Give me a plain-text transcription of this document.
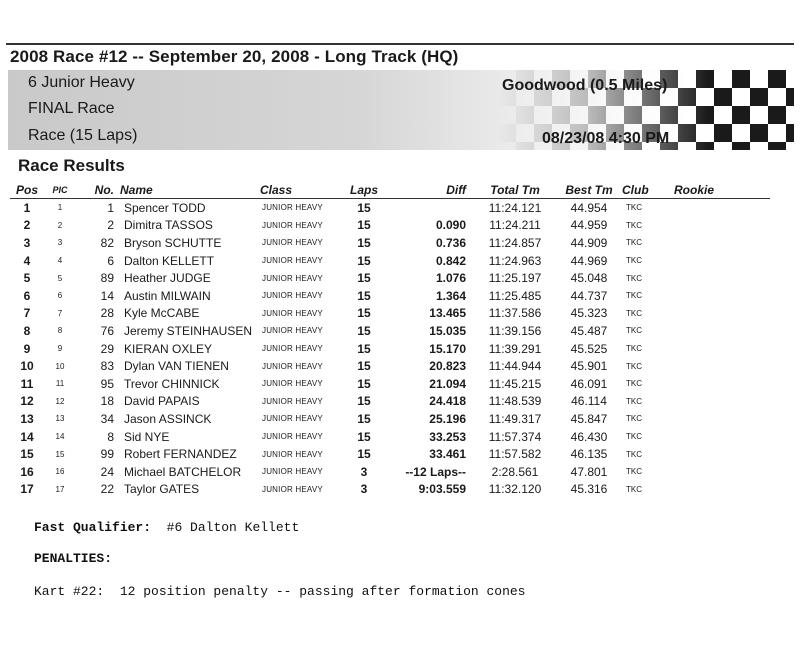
2008 Race #12 -- September 20, 2008 - Long Track (HQ)
6 Junior Heavy
FINAL Race
Race (15 Laps)
Goodwood (0.5 Miles)
08/23/08 4:30 PM
Race Results
Pos	PIC	No.	Name	Class	Laps	Diff	Total Tm	Best Tm	Club	Rookie
1	1	1	Spencer TODD	JUNIOR HEAVY	15		11:24.121	44.954	TKC	
2	2	2	Dimitra TASSOS	JUNIOR HEAVY	15	0.090	11:24.211	44.959	TKC	
3	3	82	Bryson SCHUTTE	JUNIOR HEAVY	15	0.736	11:24.857	44.909	TKC	
4	4	6	Dalton KELLETT	JUNIOR HEAVY	15	0.842	11:24.963	44.969	TKC	
5	5	89	Heather JUDGE	JUNIOR HEAVY	15	1.076	11:25.197	45.048	TKC	
6	6	14	Austin MILWAIN	JUNIOR HEAVY	15	1.364	11:25.485	44.737	TKC	
7	7	28	Kyle McCABE	JUNIOR HEAVY	15	13.465	11:37.586	45.323	TKC	
8	8	76	Jeremy STEINHAUSEN	JUNIOR HEAVY	15	15.035	11:39.156	45.487	TKC	
9	9	29	KIERAN OXLEY	JUNIOR HEAVY	15	15.170	11:39.291	45.525	TKC	
10	10	83	Dylan VAN TIENEN	JUNIOR HEAVY	15	20.823	11:44.944	45.901	TKC	
11	11	95	Trevor CHINNICK	JUNIOR HEAVY	15	21.094	11:45.215	46.091	TKC	
12	12	18	David PAPAIS	JUNIOR HEAVY	15	24.418	11:48.539	46.114	TKC	
13	13	34	Jason ASSINCK	JUNIOR HEAVY	15	25.196	11:49.317	45.847	TKC	
14	14	8	Sid NYE	JUNIOR HEAVY	15	33.253	11:57.374	46.430	TKC	
15	15	99	Robert FERNANDEZ	JUNIOR HEAVY	15	33.461	11:57.582	46.135	TKC	
16	16	24	Michael BATCHELOR	JUNIOR HEAVY	3	--12 Laps--	2:28.561	47.801	TKC	
17	17	22	Taylor GATES	JUNIOR HEAVY	3	9:03.559	11:32.120	45.316	TKC	
Fast Qualifier: #6 Dalton Kellett
PENALTIES:
Kart #22:  12 position penalty -- passing after formation cones
